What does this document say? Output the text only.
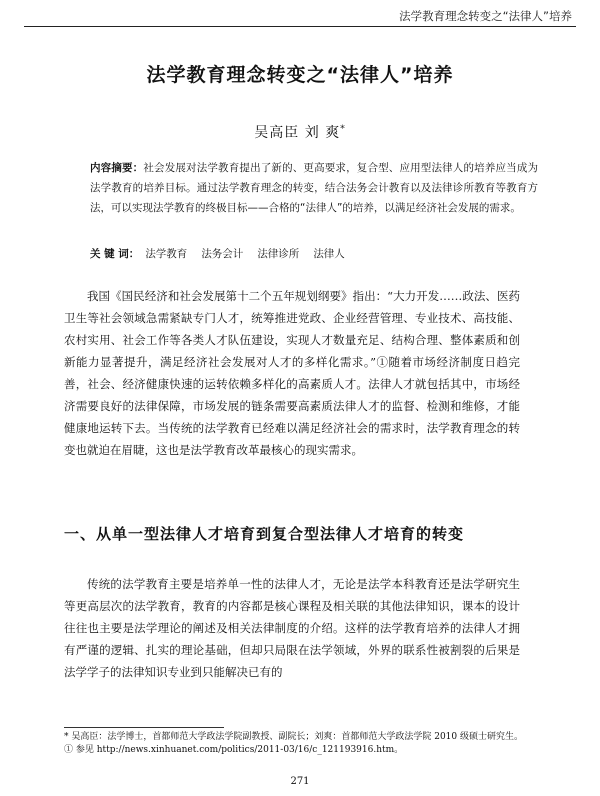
法学教育理念转变之“法律人”培养
法学教育理念转变之“法律人”培养
吴高臣 刘 爽*
内容摘要：社会发展对法学教育提出了新的、更高要求，复合型、应用型法律人的培养应当成为法学教育的培养目标。通过法学教育理念的转变，结合法务会计教育以及法律诊所教育等教育方法，可以实现法学教育的终极目标——合格的“法律人”的培养，以满足经济社会发展的需求。
关 键 词： 法学教育 法务会计 法律诊所 法律人

我国《国民经济和社会发展第十二个五年规划纲要》指出：“大力开发……政法、医药卫生等社会领域急需紧缺专门人才，统筹推进党政、企业经营管理、专业技术、高技能、农村实用、社会工作等各类人才队伍建设，实现人才数量充足、结构合理、整体素质和创新能力显著提升，满足经济社会发展对人才的多样化需求。”①随着市场经济制度日趋完善，社会、经济健康快速的运转依赖多样化的高素质人才。法律人才就包括其中，市场经济需要良好的法律保障，市场发展的链条需要高素质法律人才的监督、检测和维修，才能健康地运转下去。当传统的法学教育已经难以满足经济社会的需求时，法学教育理念的转变也就迫在眉睫，这也是法学教育改革最核心的现实需求。

一、从单一型法律人才培育到复合型法律人才培育的转变

传统的法学教育主要是培养单一性的法律人才，无论是法学本科教育还是法学研究生等更高层次的法学教育，教育的内容都是核心课程及相关联的其他法律知识，课本的设计往往也主要是法学理论的阐述及相关法律制度的介绍。这样的法学教育培养的法律人才拥有严谨的逻辑、扎实的理论基础，但却只局限在法学领域，外界的联系性被割裂的后果是法学学子的法律知识专业到只能解决已有的

* 吴高臣：法学博士，首都师范大学政法学院副教授、副院长；刘爽：首都师范大学政法学院 2010 级硕士研究生。
① 参见 http://news.xinhuanet.com/politics/2011-03/16/c_121193916.htm。
271
